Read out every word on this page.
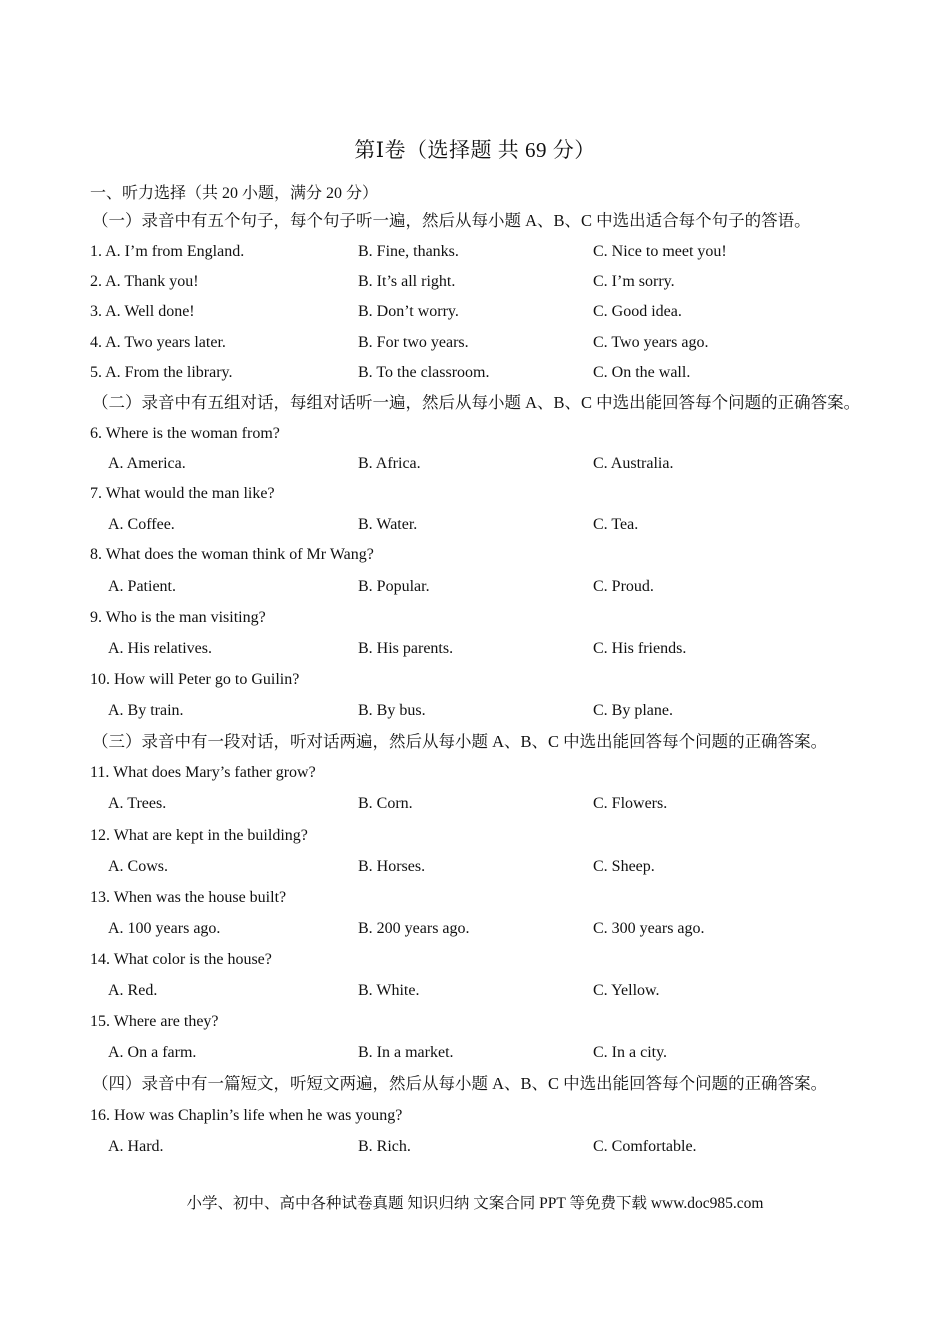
第Ⅰ卷（选择题 共 69 分）
一、听力选择（共 20 小题，满分 20 分）
（一）录音中有五个句子，每个句子听一遍，然后从每小题 A、B、C 中选出适合每个句子的答语。
1. A. I’m from England.	B. Fine, thanks.	C. Nice to meet you!
2. A. Thank you!	B. It’s all right.	C. I’m sorry.
3. A. Well done!	B. Don’t worry.	C. Good idea.
4. A. Two years later.	B. For two years.	C. Two years ago.
5. A. From the library.	B. To the classroom.	C. On the wall.
（二）录音中有五组对话，每组对话听一遍，然后从每小题 A、B、C 中选出能回答每个问题的正确答案。
6. Where is the woman from?
A. America.	B. Africa.	C. Australia.
7. What would the man like?
A. Coffee.	B. Water.	C. Tea.
8. What does the woman think of Mr Wang?
A. Patient.	B. Popular.	C. Proud.
9. Who is the man visiting?
A. His relatives.	B. His parents.	C. His friends.
10. How will Peter go to Guilin?
A. By train.	B. By bus.	C. By plane.
（三）录音中有一段对话，听对话两遍，然后从每小题 A、B、C 中选出能回答每个问题的正确答案。
11. What does Mary’s father grow?
A. Trees.	B. Corn.	C. Flowers.
12. What are kept in the building?
A. Cows.	B. Horses.	C. Sheep.
13. When was the house built?
A. 100 years ago.	B. 200 years ago.	C. 300 years ago.
14. What color is the house?
A. Red.	B. White.	C. Yellow.
15. Where are they?
A. On a farm.	B. In a market.	C. In a city.
（四）录音中有一篇短文，听短文两遍，然后从每小题 A、B、C 中选出能回答每个问题的正确答案。
16. How was Chaplin’s life when he was young?
A. Hard.	B. Rich.	C. Comfortable.
小学、初中、高中各种试卷真题 知识归纳 文案合同 PPT 等免费下载 www.doc985.com
